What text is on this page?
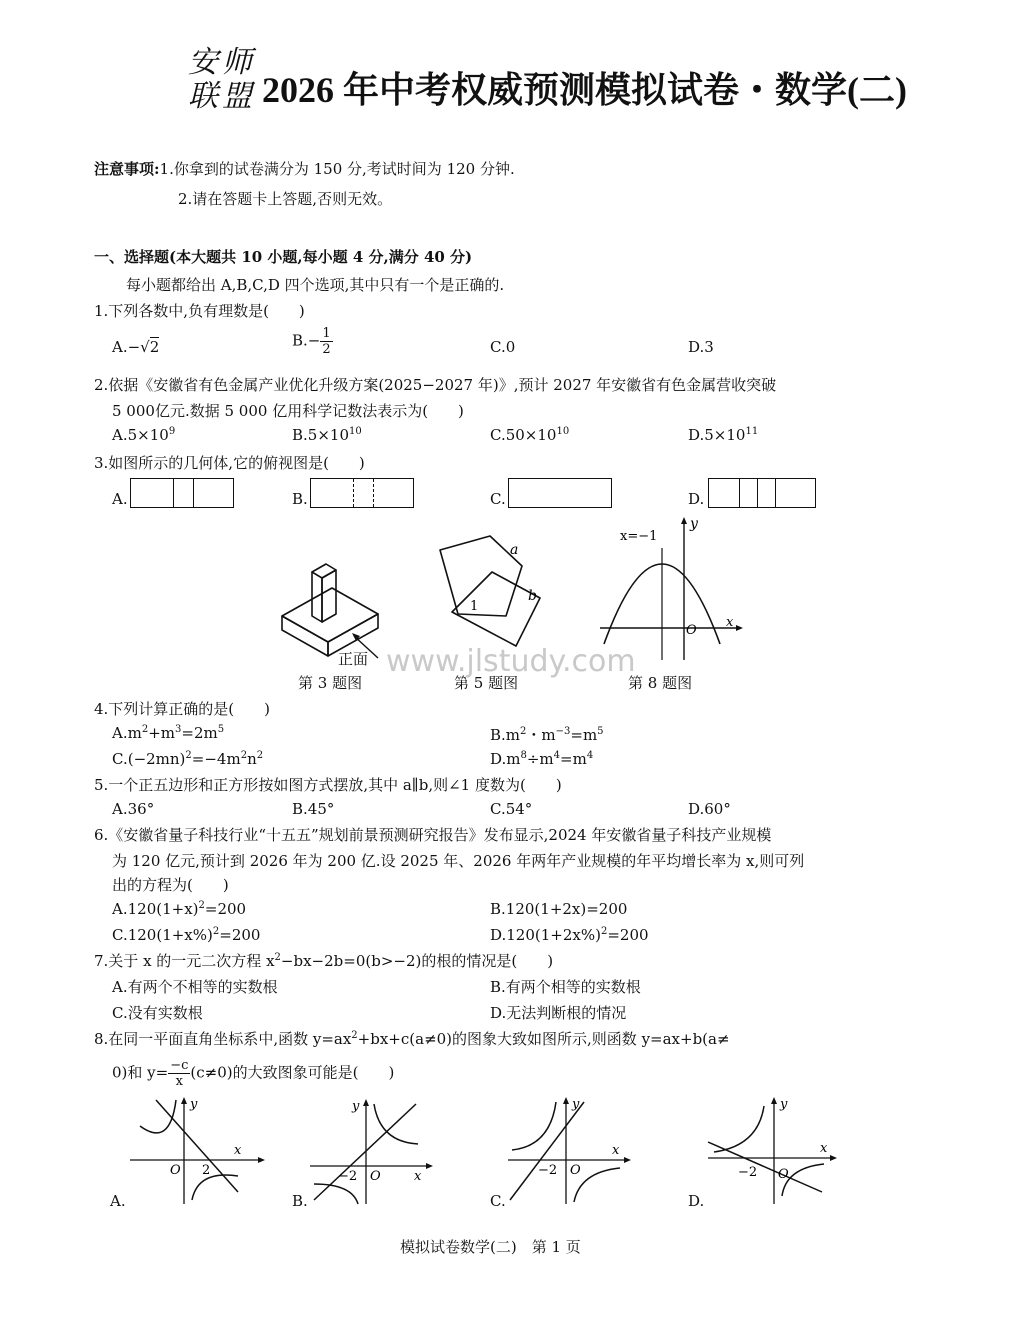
安师
联盟 2026 年中考权威预测模拟试卷・数学(二)
注意事项:1.你拿到的试卷满分为 150 分,考试时间为 120 分钟.
2.请在答题卡上答题,否则无效。
一、选择题(本大题共 10 小题,每小题 4 分,满分 40 分)
每小题都给出 A,B,C,D 四个选项,其中只有一个是正确的.
1.下列各数中,负有理数是(　　)
A.−√2	$B.- \frac{1}{2}$	C.0	D.3
2.依据《安徽省有色金属产业优化升级方案(2025−2027 年)》,预计 2027 年安徽省有色金属营收突破
5 000亿元.数据 5 000 亿用科学记数法表示为(　　)
$A.5\times 10^9$	$B.5\times 10^{10}$	$C.50\times 10^{10}$	$D.5\times 10^{11}$
3.如图所示的几何体,它的俯视图是(　　)
A.	B.	C.	D.
正面
第 3 题图
a
b
1
第 5 题图
x=−1
y
x
O
第 8 题图
www.jlstudy.com
4.下列计算正确的是(　　)
$A.m^2+m^3=2m^5$	$B.m^2$・$m^{-3}=m^5$
$C.(-2mn)^2=-4m^2n^2$	$D.m^8\div m^4=m^4$
5.一个正五边形和正方形按如图方式摆放,其中 a∥b,则∠1 度数为(　　)
A.36°	B.45°	C.54°	D.60°
6.《安徽省量子科技行业“十五五”规划前景预测研究报告》发布显示,2024 年安徽省量子科技产业规模
为 120 亿元,预计到 2026 年为 200 亿.设 2025 年、2026 年两年产业规模的年平均增长率为 x,则可列
出的方程为(　　)
$A.120(1+x)^2=200$	B.120(1+2x)=200
$C.120(1+x\%)^2=200$	$D.120(1+2x\%)^2=200$
7.关于 x 的一元二次方程 $x^2-bx-2b=0(b>-2)$的根的情况是(　　)
A.有两个不相等的实数根	B.有两个相等的实数根
C.没有实数根	D.无法判断根的情况
8.在同一平面直角坐标系中,函数 $y=ax^2+bx+c(a\ne 0)$的图象大致如图所示,则函数 y=ax+b(a≠
0)和 $y= \frac{-c}{x} (c\ne 0)$的大致图象可能是(　　)
x
y
O 2
A.
x
y
O
−2
B.
x
y
O
−2
C.
x
y
O
−2
D.
模拟试卷数学(二)　第 1 页
